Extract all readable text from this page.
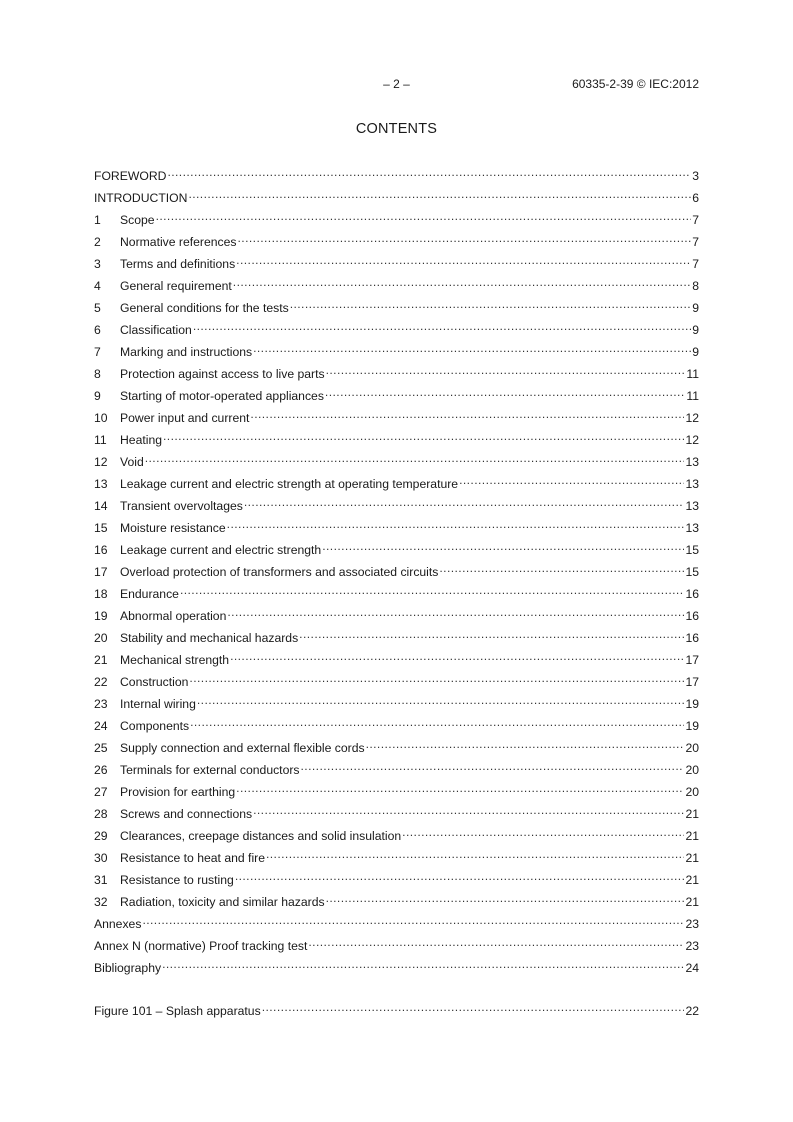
– 2 –	60335-2-39 © IEC:2012
CONTENTS
FOREWORD .....	3
INTRODUCTION .....	6
1	Scope .....	7
2	Normative references .....	7
3	Terms and definitions .....	7
4	General requirement .....	8
5	General conditions for the tests .....	9
6	Classification .....	9
7	Marking and instructions .....	9
8	Protection against access to live parts .....	11
9	Starting of motor-operated appliances .....	11
10	Power input and current .....	12
11	Heating .....	12
12	Void .....	13
13	Leakage current and electric strength at operating temperature .....	13
14	Transient overvoltages .....	13
15	Moisture resistance .....	13
16	Leakage current and electric strength .....	15
17	Overload protection of transformers and associated circuits .....	15
18	Endurance .....	16
19	Abnormal operation .....	16
20	Stability and mechanical hazards .....	16
21	Mechanical strength .....	17
22	Construction .....	17
23	Internal wiring .....	19
24	Components .....	19
25	Supply connection and external flexible cords .....	20
26	Terminals for external conductors .....	20
27	Provision for earthing .....	20
28	Screws and connections .....	21
29	Clearances, creepage distances and solid insulation .....	21
30	Resistance to heat and fire .....	21
31	Resistance to rusting .....	21
32	Radiation, toxicity and similar hazards .....	21
Annexes .....	23
Annex N (normative) Proof tracking test .....	23
Bibliography .....	24
Figure 101 – Splash apparatus .....	22
